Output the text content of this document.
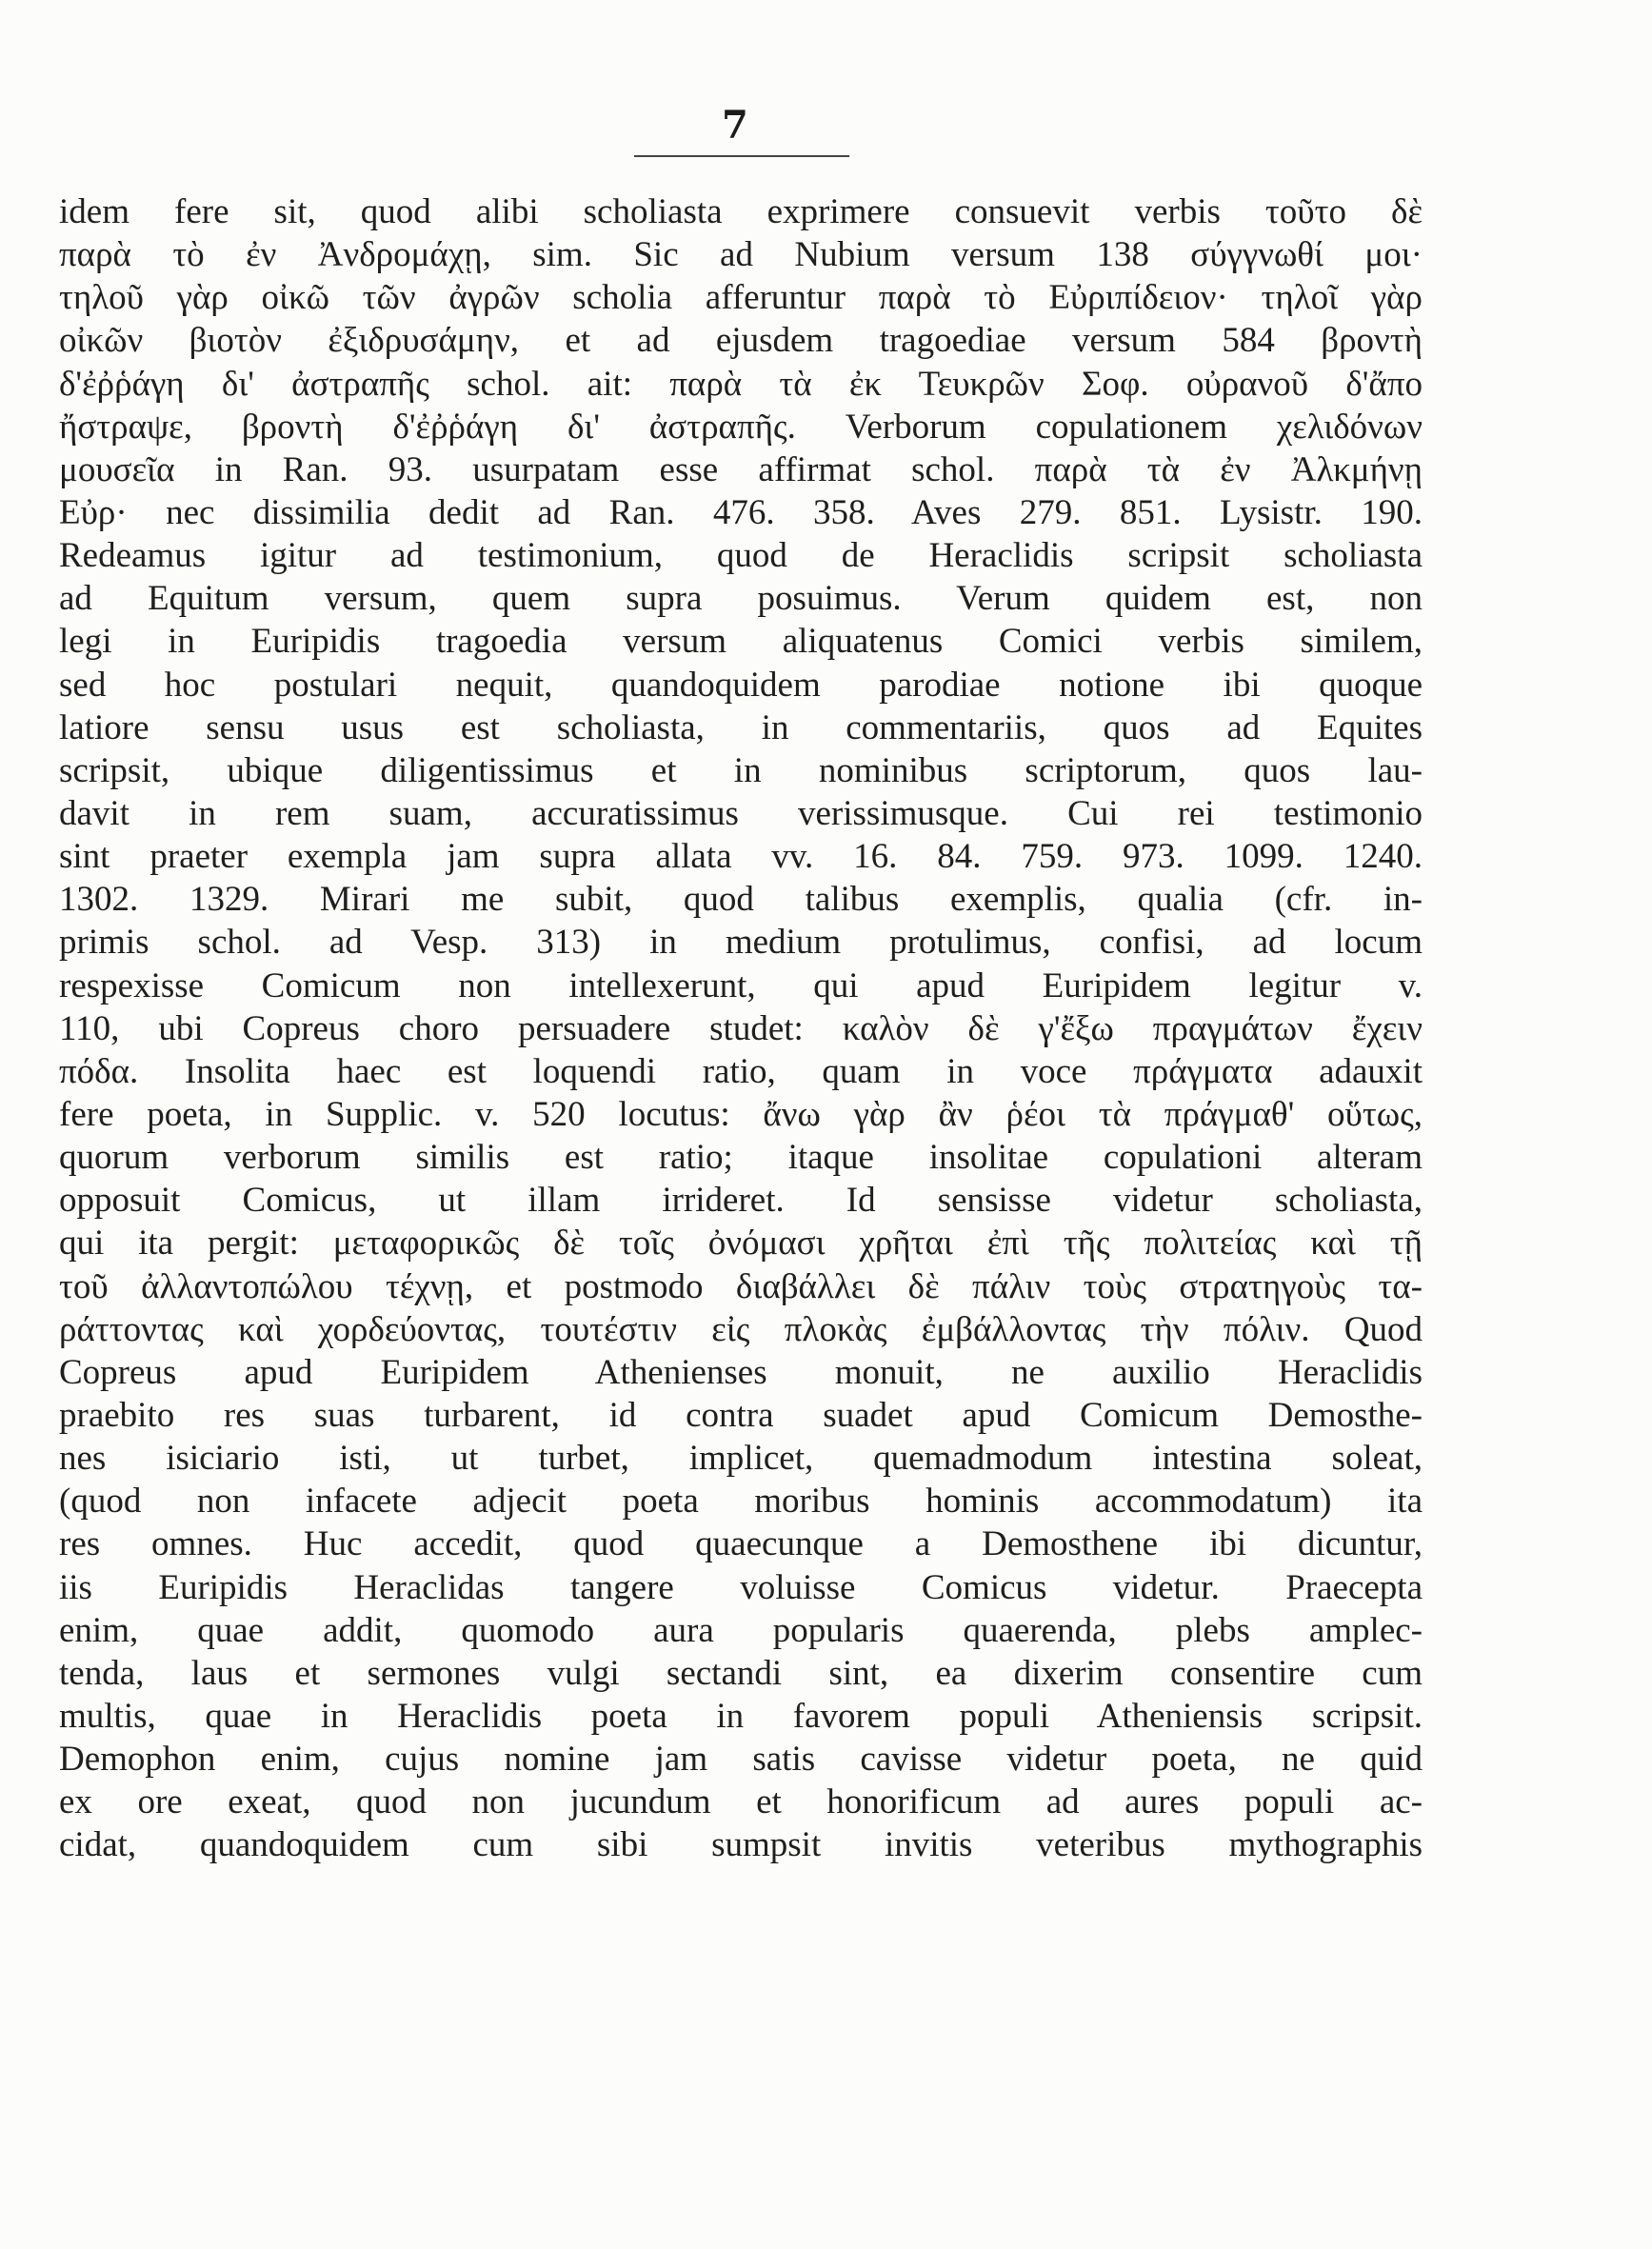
7
idem fere sit, quod alibi scholiasta exprimere consuevit verbis τοῦτο δὲ
παρὰ τὸ ἐν Ἀνδρομάχῃ, sim. Sic ad Nubium versum 138 σύγγνωθί μοι·
τηλοῦ γὰρ οἰκῶ τῶν ἀγρῶν scholia afferuntur παρὰ τὸ Εὐριπίδειον· τηλοῖ γὰρ
οἰκῶν βιοτὸν ἐξιδρυσάμην, et ad ejusdem tragoediae versum 584 βροντὴ
δ'ἐῤῥάγη δι' ἀστραπῆς schol. ait: παρὰ τὰ ἐκ Τευκρῶν Σοφ. οὐρανοῦ δ'ἄπο
ἤστραψε, βροντὴ δ'ἐῤῥάγη δι' ἀστραπῆς. Verborum copulationem χελιδόνων
μουσεῖα in Ran. 93. usurpatam esse affirmat schol. παρὰ τὰ ἐν Ἀλκμήνῃ
Εὐρ· nec dissimilia dedit ad Ran. 476. 358. Aves 279. 851. Lysistr. 190.
Redeamus igitur ad testimonium, quod de Heraclidis scripsit scholiasta
ad Equitum versum, quem supra posuimus. Verum quidem est, non
legi in Euripidis tragoedia versum aliquatenus Comici verbis similem,
sed hoc postulari nequit, quandoquidem parodiae notione ibi quoque
latiore sensu usus est scholiasta, in commentariis, quos ad Equites
scripsit, ubique diligentissimus et in nominibus scriptorum, quos lau-
davit in rem suam, accuratissimus verissimusque. Cui rei testimonio
sint praeter exempla jam supra allata vv. 16. 84. 759. 973. 1099. 1240.
1302. 1329. Mirari me subit, quod talibus exemplis, qualia (cfr. in-
primis schol. ad Vesp. 313) in medium protulimus, confisi, ad locum
respexisse Comicum non intellexerunt, qui apud Euripidem legitur v.
110, ubi Copreus choro persuadere studet: καλὸν δὲ γ'ἔξω πραγμάτων ἔχειν
πόδα. Insolita haec est loquendi ratio, quam in voce πράγματα adauxit
fere poeta, in Supplic. v. 520 locutus: ἄνω γὰρ ἂν ῥέοι τὰ πράγμαθ' οὕτως,
quorum verborum similis est ratio; itaque insolitae copulationi alteram
opposuit Comicus, ut illam irrideret. Id sensisse videtur scholiasta,
qui ita pergit: μεταφορικῶς δὲ τοῖς ὀνόμασι χρῆται ἐπὶ τῆς πολιτείας καὶ τῇ
τοῦ ἀλλαντοπώλου τέχνῃ, et postmodo διαβάλλει δὲ πάλιν τοὺς στρατηγοὺς τα-
ράττοντας καὶ χορδεύοντας, τουτέστιν εἰς πλοκὰς ἐμβάλλοντας τὴν πόλιν. Quod
Copreus apud Euripidem Athenienses monuit, ne auxilio Heraclidis
praebito res suas turbarent, id contra suadet apud Comicum Demosthe-
nes isiciario isti, ut turbet, implicet, quemadmodum intestina soleat,
(quod non infacete adjecit poeta moribus hominis accommodatum) ita
res omnes. Huc accedit, quod quaecunque a Demosthene ibi dicuntur,
iis Euripidis Heraclidas tangere voluisse Comicus videtur. Praecepta
enim, quae addit, quomodo aura popularis quaerenda, plebs amplec-
tenda, laus et sermones vulgi sectandi sint, ea dixerim consentire cum
multis, quae in Heraclidis poeta in favorem populi Atheniensis scripsit.
Demophon enim, cujus nomine jam satis cavisse videtur poeta, ne quid
ex ore exeat, quod non jucundum et honorificum ad aures populi ac-
cidat, quandoquidem cum sibi sumpsit invitis veteribus mythographis
